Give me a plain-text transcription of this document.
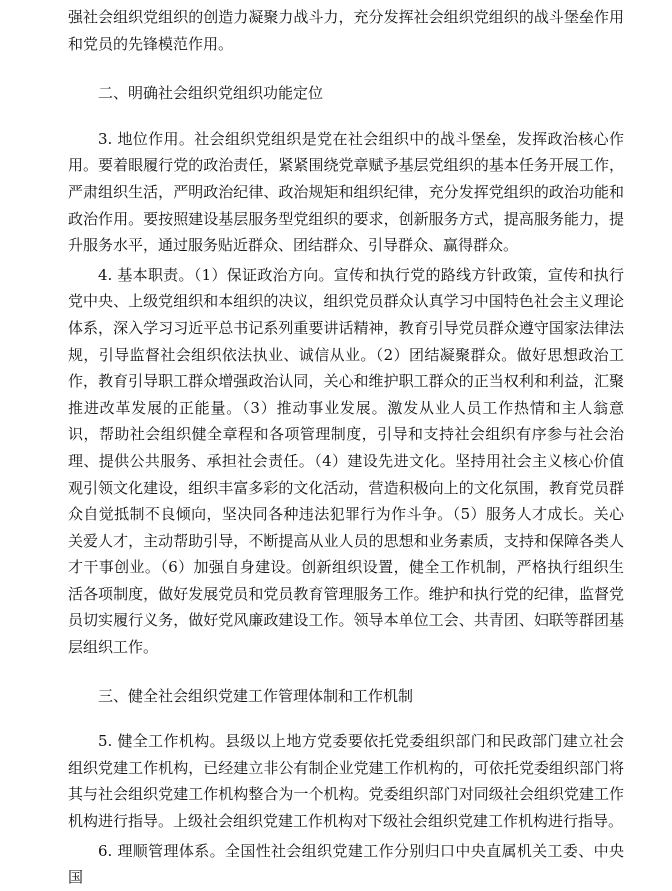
强社会组织党组织的创造力凝聚力战斗力，充分发挥社会组织党组织的战斗堡垒作用和党员的先锋模范作用。

二、明确社会组织党组织功能定位

3. 地位作用。社会组织党组织是党在社会组织中的战斗堡垒，发挥政治核心作用。要着眼履行党的政治责任，紧紧围绕党章赋予基层党组织的基本任务开展工作，严肃组织生活，严明政治纪律、政治规矩和组织纪律，充分发挥党组织的政治功能和政治作用。要按照建设基层服务型党组织的要求，创新服务方式，提高服务能力，提升服务水平，通过服务贴近群众、团结群众、引导群众、赢得群众。

4. 基本职责。（1）保证政治方向。宣传和执行党的路线方针政策，宣传和执行党中央、上级党组织和本组织的决议，组织党员群众认真学习中国特色社会主义理论体系，深入学习习近平总书记系列重要讲话精神，教育引导党员群众遵守国家法律法规，引导监督社会组织依法执业、诚信从业。（2）团结凝聚群众。做好思想政治工作，教育引导职工群众增强政治认同，关心和维护职工群众的正当权利和利益，汇聚推进改革发展的正能量。（3）推动事业发展。激发从业人员工作热情和主人翁意识，帮助社会组织健全章程和各项管理制度，引导和支持社会组织有序参与社会治理、提供公共服务、承担社会责任。（4）建设先进文化。坚持用社会主义核心价值观引领文化建设，组织丰富多彩的文化活动，营造积极向上的文化氛围，教育党员群众自觉抵制不良倾向，坚决同各种违法犯罪行为作斗争。（5）服务人才成长。关心关爱人才，主动帮助引导，不断提高从业人员的思想和业务素质，支持和保障各类人才干事创业。（6）加强自身建设。创新组织设置，健全工作机制，严格执行组织生活各项制度，做好发展党员和党员教育管理服务工作。维护和执行党的纪律，监督党员切实履行义务，做好党风廉政建设工作。领导本单位工会、共青团、妇联等群团基层组织工作。

三、健全社会组织党建工作管理体制和工作机制

5. 健全工作机构。县级以上地方党委要依托党委组织部门和民政部门建立社会组织党建工作机构，已经建立非公有制企业党建工作机构的，可依托党委组织部门将其与社会组织党建工作机构整合为一个机构。党委组织部门对同级社会组织党建工作机构进行指导。上级社会组织党建工作机构对下级社会组织党建工作机构进行指导。

6. 理顺管理体系。全国性社会组织党建工作分别归口中央直属机关工委、中央国
